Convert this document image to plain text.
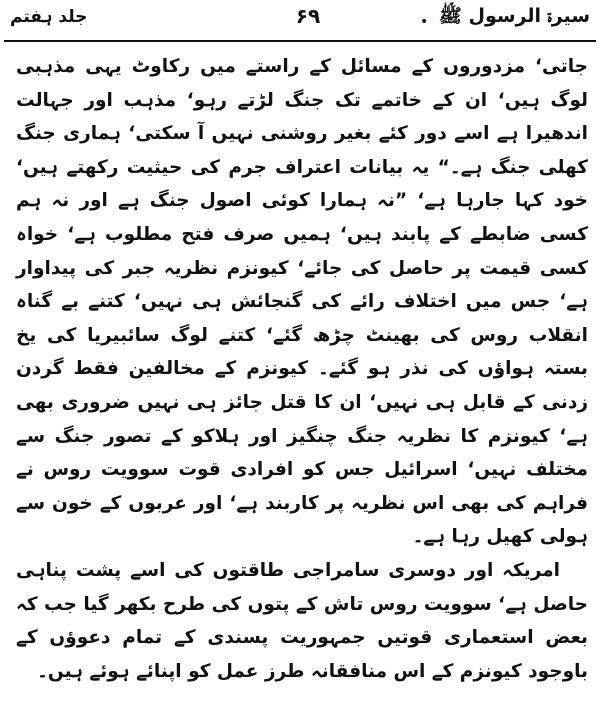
جلد ہفتم	۶۹	• سیرۃ الرسول ﷺ

جاتی‘ مزدوروں کے مسائل کے راستے میں رکاوٹ یہی مذہبی لوگ ہیں‘ ان کے خاتمے تک جنگ لڑتے رہو‘ مذہب اور جہالت اندھیرا ہے اسے دور کئے بغیر روشنی نہیں آ سکتی‘ ہماری جنگ کھلی جنگ ہے۔“ یہ بیانات اعتراف جرم کی حیثیت رکھتے ہیں‘ خود کہا جارہا ہے‘ ”نہ ہمارا کوئی اصول جنگ ہے اور نہ ہم کسی ضابطے کے پابند ہیں‘ ہمیں صرف فتح مطلوب ہے‘ خواہ کسی قیمت پر حاصل کی جائے‘ کیونزم نظریہ جبر کی پیداوار ہے‘ جس میں اختلاف رائے کی گنجائش ہی نہیں‘ کتنے بے گناہ انقلاب روس کی بھینٹ چڑھ گئے‘ کتنے لوگ سائبیریا کی یخ بستہ ہواؤں کی نذر ہو گئے۔ کیونزم کے مخالفین فقط گردن زدنی کے قابل ہی نہیں‘ ان کا قتل جائز ہی نہیں ضروری بھی ہے‘ کیونزم کا نظریہ جنگ چنگیز اور ہلاکو کے تصور جنگ سے مختلف نہیں‘ اسرائیل جس کو افرادی قوت سوویت روس نے فراہم کی بھی اس نظریہ پر کاربند ہے‘ اور عربوں کے خون سے ہولی کھیل رہا ہے۔

امریکہ اور دوسری سامراجی طاقتوں کی اسے پشت پناہی حاصل ہے‘ سوویت روس تاش کے پتوں کی طرح بکھر گیا جب کہ بعض استعماری قوتیں جمہوریت پسندی کے تمام دعوؤں کے باوجود کیونزم کے اس منافقانہ طرز عمل کو اپنائے ہوئے ہیں۔
